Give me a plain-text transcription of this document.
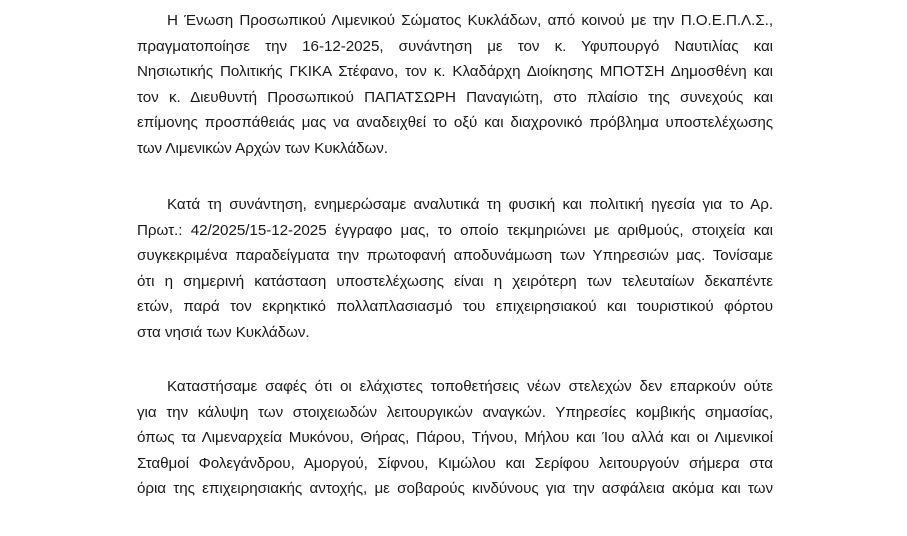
Η Ένωση Προσωπικού Λιμενικού Σώματος Κυκλάδων, από κοινού με την Π.Ο.Ε.Π.Λ.Σ.,
πραγματοποίησε την 16-12-2025, συνάντηση με τον κ. Υφυπουργό Ναυτιλίας και
Νησιωτικής Πολιτικής ΓΚΙΚΑ Στέφανο, τον κ. Κλαδάρχη Διοίκησης ΜΠΟΤΣΗ Δημοσθένη και
τον κ. Διευθυντή Προσωπικού ΠΑΠΑΤΣΩΡΗ Παναγιώτη, στο πλαίσιο της συνεχούς και
επίμονης προσπάθειάς μας να αναδειχθεί το οξύ και διαχρονικό πρόβλημα υποστελέχωσης
των Λιμενικών Αρχών των Κυκλάδων.
Κατά τη συνάντηση, ενημερώσαμε αναλυτικά τη φυσική και πολιτική ηγεσία για το Αρ.
Πρωτ.: 42/2025/15-12-2025 έγγραφο μας, το οποίο τεκμηριώνει με αριθμούς, στοιχεία και
συγκεκριμένα παραδείγματα την πρωτοφανή αποδυνάμωση των Υπηρεσιών μας. Τονίσαμε
ότι η σημερινή κατάσταση υποστελέχωσης είναι η χειρότερη των τελευταίων δεκαπέντε
ετών, παρά τον εκρηκτικό πολλαπλασιασμό του επιχειρησιακού και τουριστικού φόρτου
στα νησιά των Κυκλάδων.
Καταστήσαμε σαφές ότι οι ελάχιστες τοποθετήσεις νέων στελεχών δεν επαρκούν ούτε
για την κάλυψη των στοιχειωδών λειτουργικών αναγκών. Υπηρεσίες κομβικής σημασίας,
όπως τα Λιμεναρχεία Μυκόνου, Θήρας, Πάρου, Τήνου, Μήλου και Ίου αλλά και οι Λιμενικοί
Σταθμοί Φολεγάνδρου, Αμοργού, Σίφνου, Κιμώλου και Σερίφου λειτουργούν σήμερα στα
όρια της επιχειρησιακής αντοχής, με σοβαρούς κινδύνους για την ασφάλεια ακόμα και των
